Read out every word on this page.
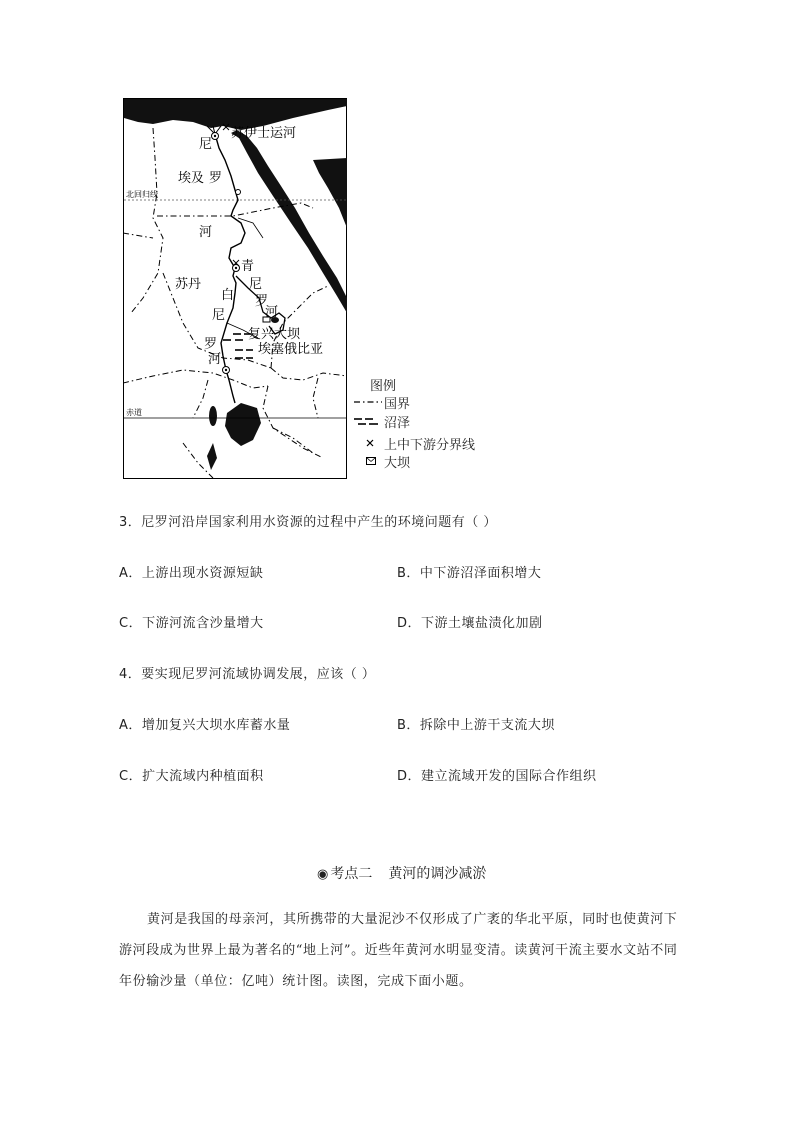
苏伊士运河
尼
埃及 罗
河
苏丹
青
白
尼
罗
河
尼
罗
河
复兴大坝
埃塞俄比亚
北回归线
赤道
图例
国界
沼泽
上中下游分界线
大坝
3．尼罗河沿岸国家利用水资源的过程中产生的环境问题有（ ）
A．上游出现水资源短缺	B．中下游沼泽面积增大
C．下游河流含沙量增大	D．下游土壤盐渍化加剧
4．要实现尼罗河流域协调发展，应该（ ）
A．增加复兴大坝水库蓄水量	B．拆除中上游干支流大坝
C．扩大流域内种植面积	D．建立流域开发的国际合作组织
◉ 考点二 黄河的调沙减淤
黄河是我国的母亲河，其所携带的大量泥沙不仅形成了广袤的华北平原，同时也使黄河下游河段成为世界上最为著名的“地上河”。近些年黄河水明显变清。读黄河干流主要水文站不同年份输沙量（单位：亿吨）统计图。读图，完成下面小题。
